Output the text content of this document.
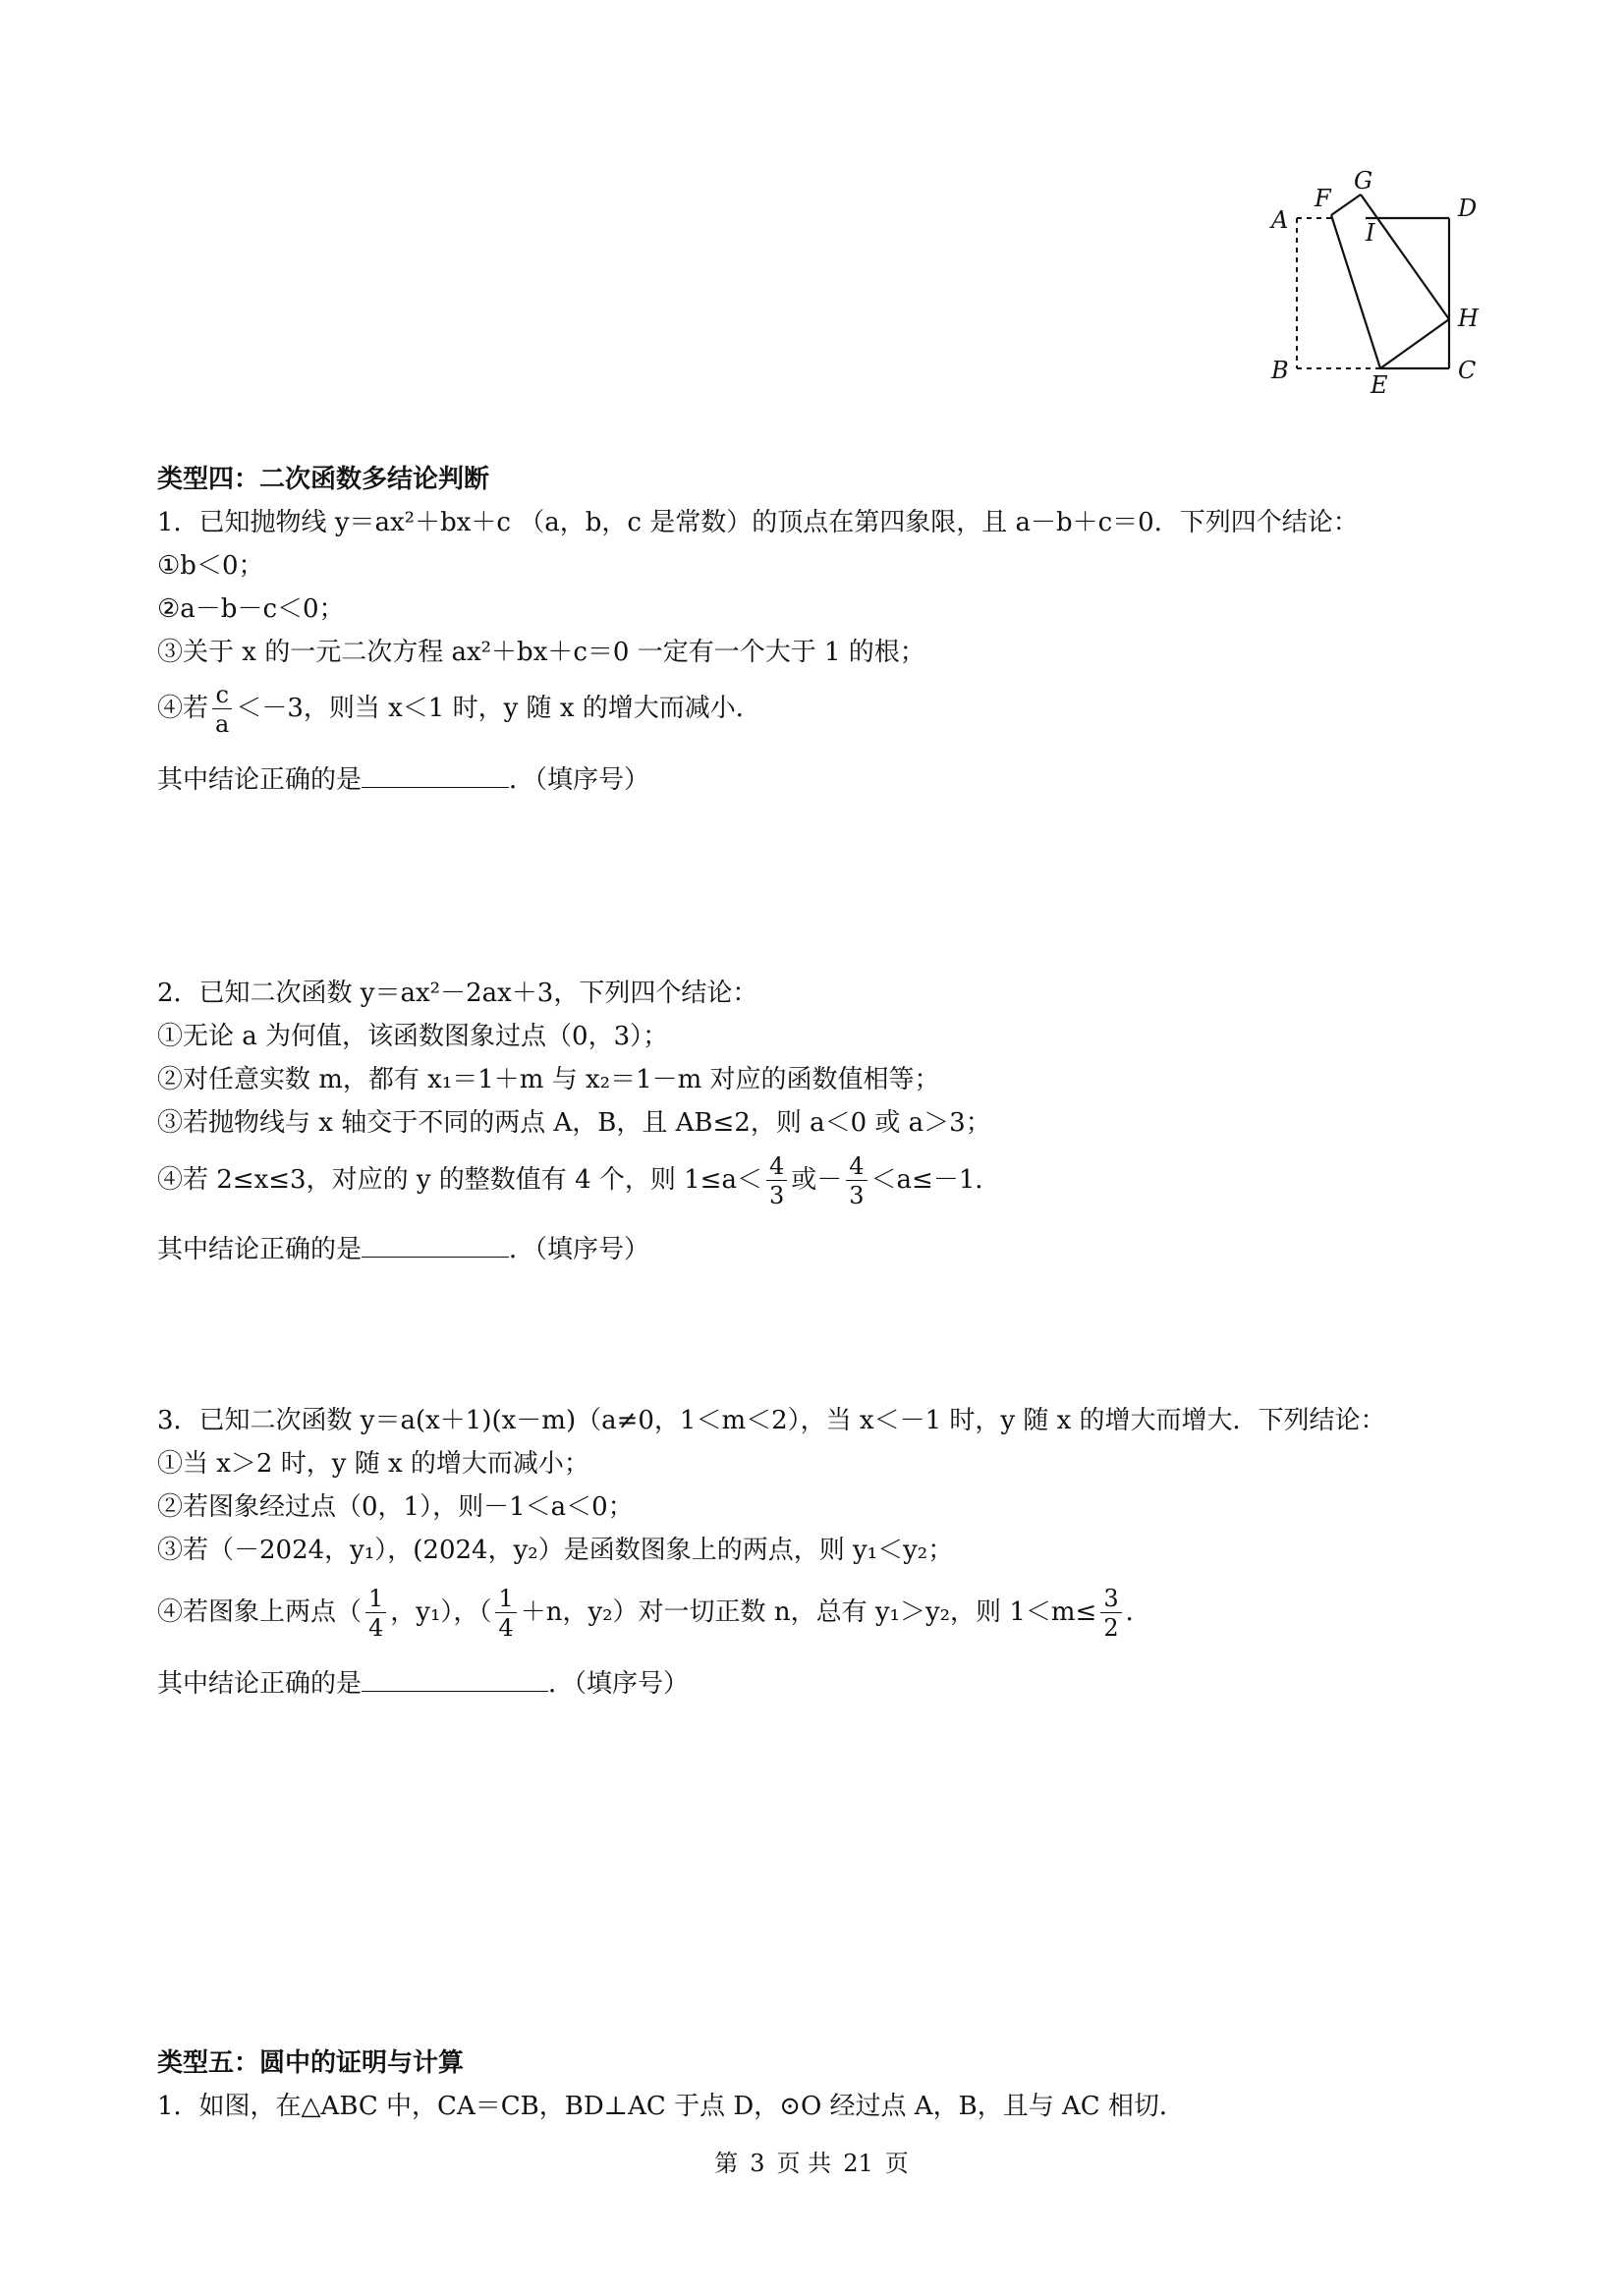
A
B	C
D
E
F
G
H
I
类型四：二次函数多结论判断
1．已知抛物线 y＝ax²＋bx＋c （a，b，c 是常数）的顶点在第四象限，且 a－b＋c＝0．下列四个结论：
①b＜0；
②a－b－c＜0；
③关于 x 的一元二次方程 ax²＋bx＋c＝0 一定有一个大于 1 的根；
④若 $\frac{c}{a} <-3$，则当 x＜1 时，y 随 x 的增大而减小．
其中结论正确的是	．（填序号）
2．已知二次函数 y＝ax²－2ax＋3，下列四个结论：
①无论 a 为何值，该函数图象过点（0，3）；
②对任意实数 m，都有 x₁＝1＋m 与 x₂＝1－m 对应的函数值相等；
③若抛物线与 x 轴交于不同的两点 A，B，且 AB≤2，则 a＜0 或 a＞3；
④若 2≤x≤3，对应的 y 的整数值有 4 个，则 $1\le a< \frac{4}{3}$ 或－ $\frac{4}{3} <a\le-1$．
其中结论正确的是	．（填序号）
3．已知二次函数 y＝a(x＋1)(x－m)（a≠0，1＜m＜2），当 x＜－1 时，y 随 x 的增大而增大．下列结论：
①当 x＞2 时，y 随 x 的增大而减小；
②若图象经过点（0，1），则－1＜a＜0；
③若（－2024，y₁），(2024，y₂）是函数图象上的两点，则 y₁＜y₂；
④若图象上两点（ $\frac{1}{4}$ ，y₁），（ $\frac{1}{4} +n$，y₂）对一切正数 n，总有 y₁＞y₂，则 $1<m\le \frac{3}{2}$ ．
其中结论正确的是	．（填序号）
类型五：圆中的证明与计算
1．如图，在△ABC 中，CA＝CB，BD⊥AC 于点 D，⊙O 经过点 A，B，且与 AC 相切．
第 3 页 共 21 页
